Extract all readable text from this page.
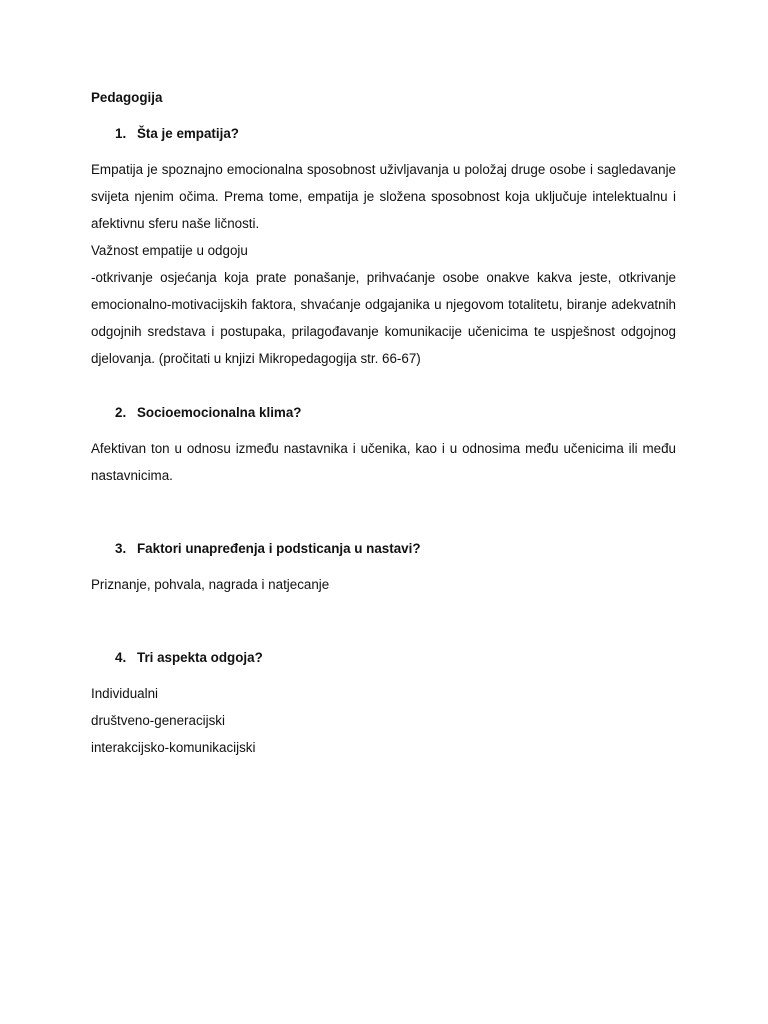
Pedagogija

1. Šta je empatija?

Empatija je spoznajno emocionalna sposobnost uživljavanja u položaj druge osobe i sagledavanje svijeta njenim očima. Prema tome, empatija je složena sposobnost koja uključuje intelektualnu i afektivnu sferu naše ličnosti.

Važnost empatije u odgoju

-otkrivanje osjećanja koja prate ponašanje, prihvaćanje osobe onakve kakva jeste, otkrivanje emocionalno-motivacijskih faktora, shvaćanje odgajanika u njegovom totalitetu, biranje adekvatnih odgojnih sredstava i postupaka, prilagođavanje komunikacije učenicima te uspješnost odgojnog djelovanja. (pročitati u knjizi Mikropedagogija str. 66-67)

2. Socioemocionalna klima?

Afektivan ton u odnosu između nastavnika i učenika, kao i u odnosima među učenicima ili među nastavnicima.

3. Faktori unapređenja i podsticanja u nastavi?

Priznanje, pohvala, nagrada i natjecanje

4. Tri aspekta odgoja?

Individualni

društveno-generacijski

interakcijsko-komunikacijski
